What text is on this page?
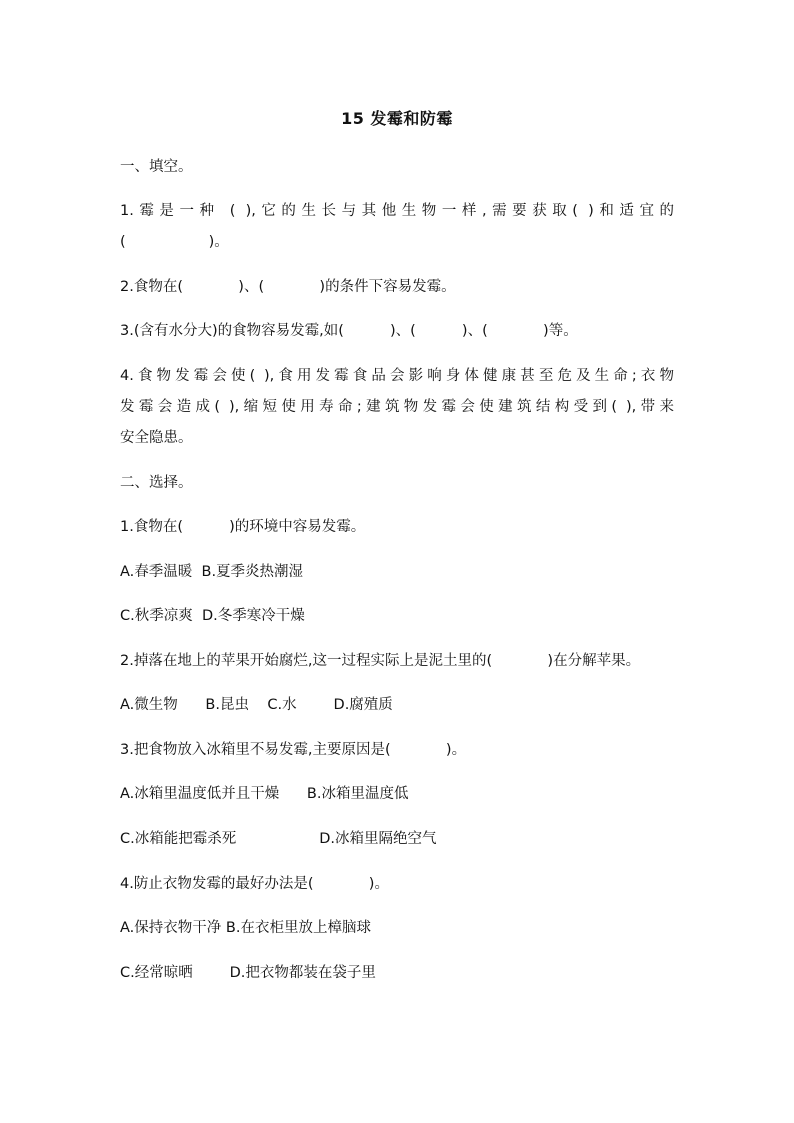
15 发霉和防霉
一、填空。
1.霉是一种 ( ),它的生长与其他生物一样,需要获取( )和适宜的
(                  )。
2.食物在(            )、(            )的条件下容易发霉。
3.(含有水分大)的食物容易发霉,如(          )、(          )、(            )等。
4.食物发霉会使( ),食用发霉食品会影响身体健康甚至危及生命;衣物
发霉会造成( ),缩短使用寿命;建筑物发霉会使建筑结构受到( ),带来
安全隐患。
二、选择。
1.食物在(          )的环境中容易发霉。
A.春季温暖  B.夏季炎热潮湿
C.秋季凉爽  D.冬季寒冷干燥
2.掉落在地上的苹果开始腐烂,这一过程实际上是泥土里的(            )在分解苹果。
A.微生物      B.昆虫    C.水        D.腐殖质
3.把食物放入冰箱里不易发霉,主要原因是(            )。
A.冰箱里温度低并且干燥      B.冰箱里温度低
C.冰箱能把霉杀死                  D.冰箱里隔绝空气
4.防止衣物发霉的最好办法是(            )。
A.保持衣物干净 B.在衣柜里放上樟脑球
C.经常晾晒        D.把衣物都装在袋子里
